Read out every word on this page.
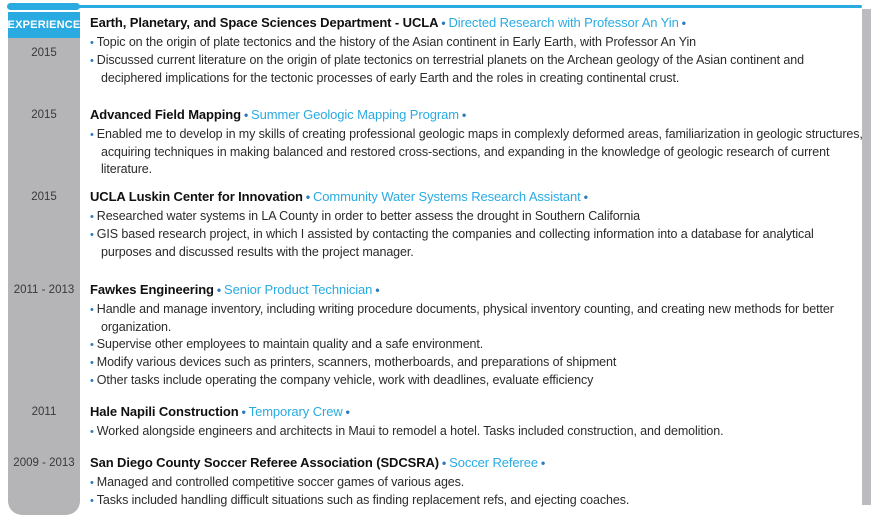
EXPERIENCE
2015
2015
2015
2011 - 2013
2011
2009 - 2013
Earth, Planetary, and Space Sciences Department - UCLA • Directed Research with Professor An Yin •
• Topic on the origin of plate tectonics and the history of the Asian continent in Early Earth, with Professor An Yin
• Discussed current literature on the origin of plate tectonics on terrestrial planets on the Archean geology of the Asian continent and deciphered implications for the tectonic processes of early Earth and the roles in creating continental crust.
Advanced Field Mapping • Summer Geologic Mapping Program •
• Enabled me to develop in my skills of creating professional geologic maps in complexly deformed areas, familiarization in geologic structures, acquiring techniques in making balanced and restored cross-sections, and expanding in the knowledge of geologic research of current literature.
UCLA Luskin Center for Innovation • Community Water Systems Research Assistant •
• Researched water systems in LA County in order to better assess the drought in Southern California
• GIS based research project, in which I assisted by contacting the companies and collecting information into a database for analytical purposes and discussed results with the project manager.
Fawkes Engineering • Senior Product Technician •
• Handle and manage inventory, including writing procedure documents, physical inventory counting, and creating new methods for better organization.
• Supervise other employees to maintain quality and a safe environment.
• Modify various devices such as printers, scanners, motherboards, and preparations of shipment
• Other tasks include operating the company vehicle, work with deadlines, evaluate efficiency
Hale Napili Construction • Temporary Crew •
• Worked alongside engineers and architects in Maui to remodel a hotel. Tasks included construction, and demolition.
San Diego County Soccer Referee Association (SDCSRA) • Soccer Referee •
• Managed and controlled competitive soccer games of various ages.
• Tasks included handling difficult situations such as finding replacement refs, and ejecting coaches.
